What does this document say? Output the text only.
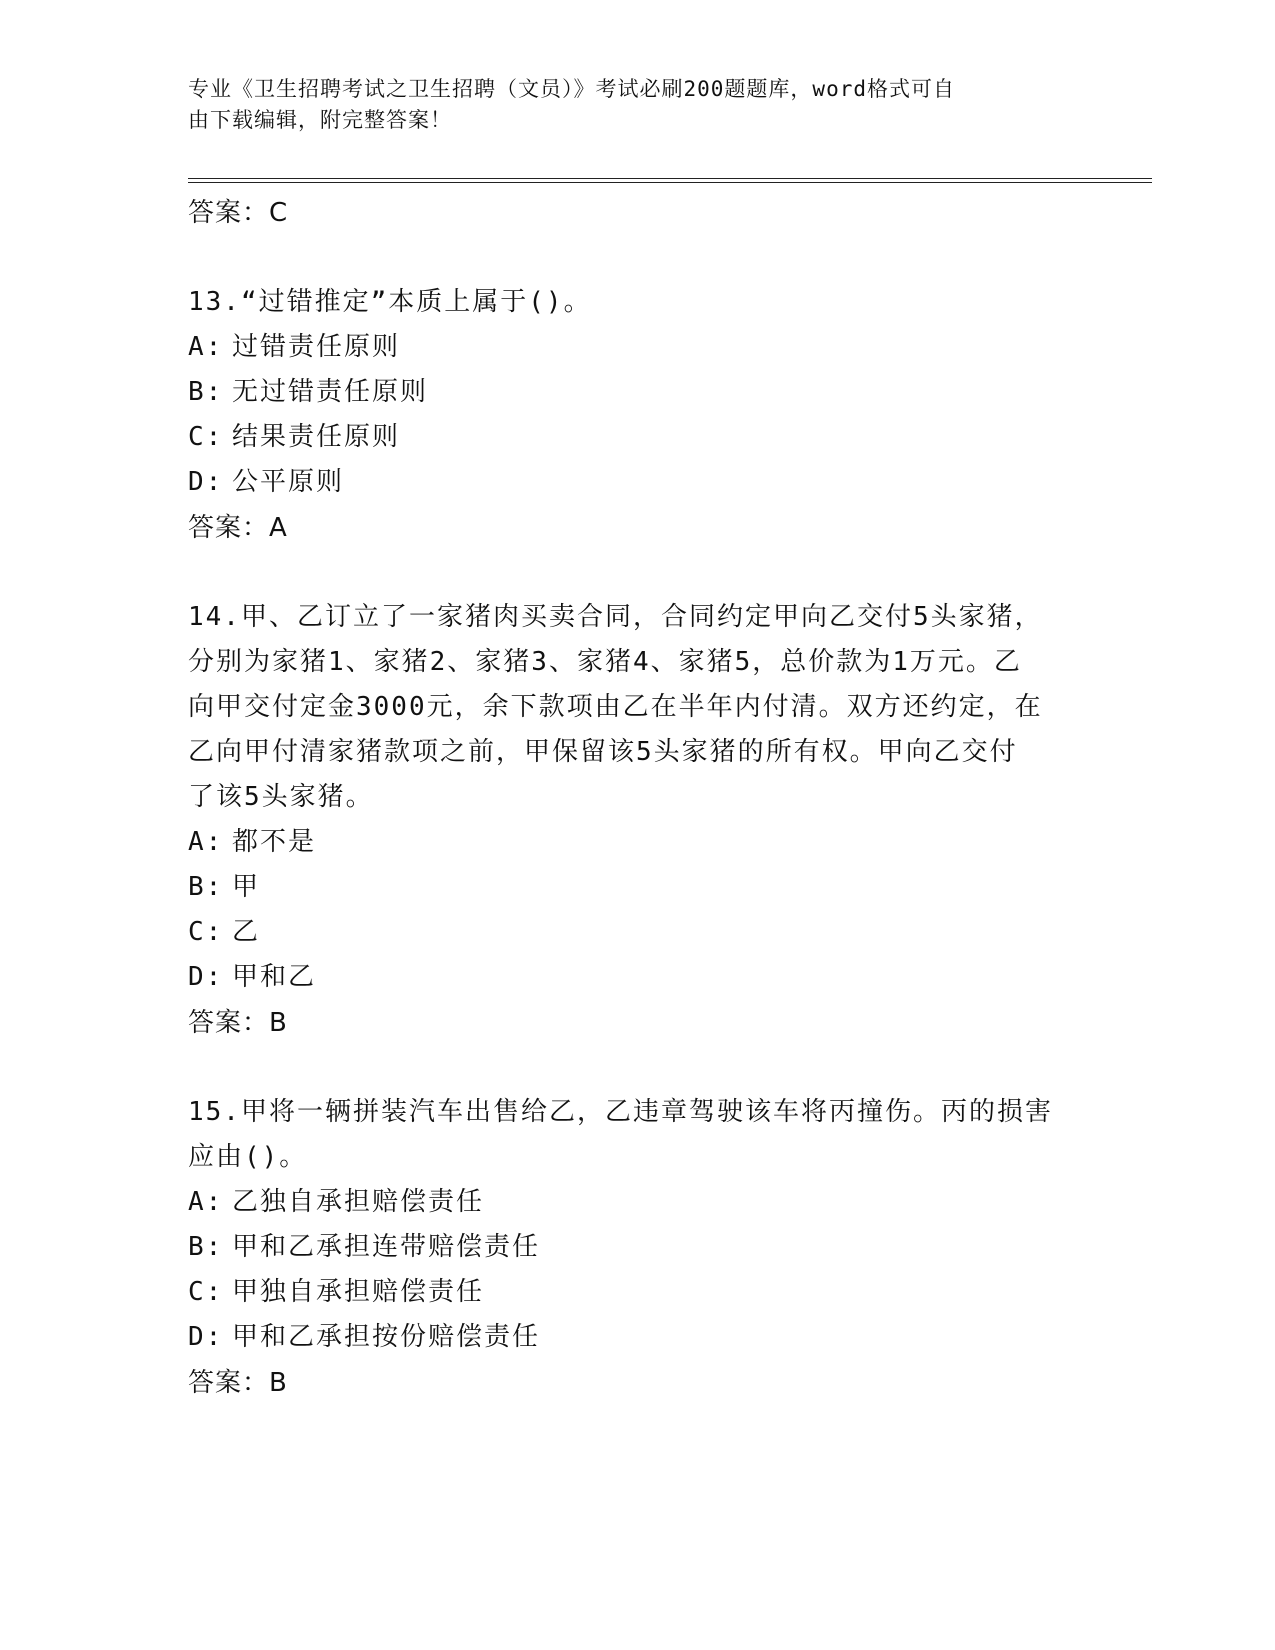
专业《卫生招聘考试之卫生招聘（文员）》考试必刷200题题库，word格式可自
由下载编辑，附完整答案！
答案：C
13.“过错推定”本质上属于()。
A: 过错责任原则
B: 无过错责任原则
C: 结果责任原则
D: 公平原则
答案：A
14.甲、乙订立了一家猪肉买卖合同，合同约定甲向乙交付5头家猪，
分别为家猪1、家猪2、家猪3、家猪4、家猪5，总价款为1万元。乙
向甲交付定金3000元，余下款项由乙在半年内付清。双方还约定，在
乙向甲付清家猪款项之前，甲保留该5头家猪的所有权。甲向乙交付
了该5头家猪。
A: 都不是
B: 甲
C: 乙
D: 甲和乙
答案：B
15.甲将一辆拼装汽车出售给乙，乙违章驾驶该车将丙撞伤。丙的损害
应由()。
A: 乙独自承担赔偿责任
B: 甲和乙承担连带赔偿责任
C: 甲独自承担赔偿责任
D: 甲和乙承担按份赔偿责任
答案：B
